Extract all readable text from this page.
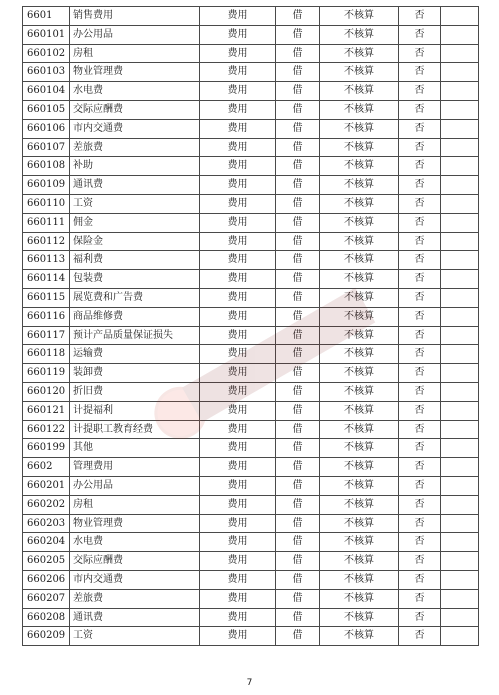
6601	销售费用	费用	借	不核算	否	
660101	办公用品	费用	借	不核算	否	
660102	房租	费用	借	不核算	否	
660103	物业管理费	费用	借	不核算	否	
660104	水电费	费用	借	不核算	否	
660105	交际应酬费	费用	借	不核算	否	
660106	市内交通费	费用	借	不核算	否	
660107	差旅费	费用	借	不核算	否	
660108	补助	费用	借	不核算	否	
660109	通讯费	费用	借	不核算	否	
660110	工资	费用	借	不核算	否	
660111	佣金	费用	借	不核算	否	
660112	保险金	费用	借	不核算	否	
660113	福利费	费用	借	不核算	否	
660114	包装费	费用	借	不核算	否	
660115	展览费和广告费	费用	借	不核算	否	
660116	商品维修费	费用	借	不核算	否	
660117	预计产品质量保证损失	费用	借	不核算	否	
660118	运输费	费用	借	不核算	否	
660119	装卸费	费用	借	不核算	否	
660120	折旧费	费用	借	不核算	否	
660121	计提福利	费用	借	不核算	否	
660122	计提职工教育经费	费用	借	不核算	否	
660199	其他	费用	借	不核算	否	
6602	管理费用	费用	借	不核算	否	
660201	办公用品	费用	借	不核算	否	
660202	房租	费用	借	不核算	否	
660203	物业管理费	费用	借	不核算	否	
660204	水电费	费用	借	不核算	否	
660205	交际应酬费	费用	借	不核算	否	
660206	市内交通费	费用	借	不核算	否	
660207	差旅费	费用	借	不核算	否	
660208	通讯费	费用	借	不核算	否	
660209	工资	费用	借	不核算	否	
7
